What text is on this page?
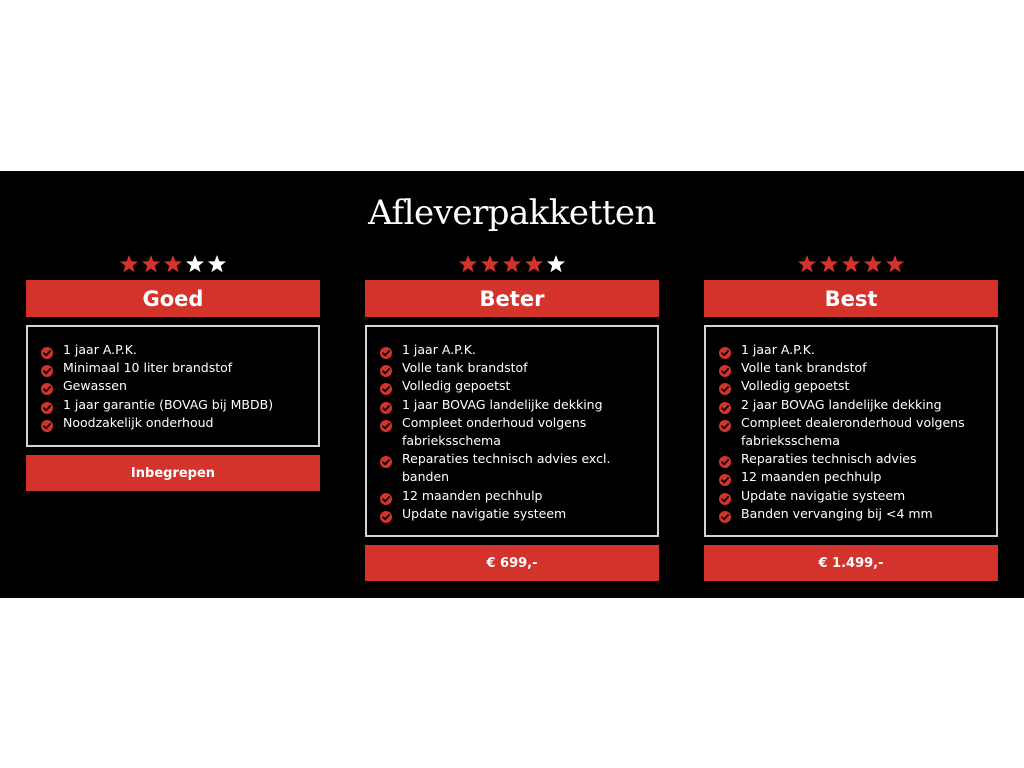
Afleverpakketten
Goed
1 jaar A.P.K.
Minimaal 10 liter brandstof
Gewassen
1 jaar garantie (BOVAG bij MBDB)
Noodzakelijk onderhoud
Inbegrepen
Beter
1 jaar A.P.K.
Volle tank brandstof
Volledig gepoetst
1 jaar BOVAG landelijke dekking
Compleet onderhoud volgens fabrieksschema
Reparaties technisch advies excl. banden
12 maanden pechhulp
Update navigatie systeem
€ 699,-
Best
1 jaar A.P.K.
Volle tank brandstof
Volledig gepoetst
2 jaar BOVAG landelijke dekking
Compleet dealeronderhoud volgens fabrieksschema
Reparaties technisch advies
12 maanden pechhulp
Update navigatie systeem
Banden vervanging bij <4 mm
€ 1.499,-
